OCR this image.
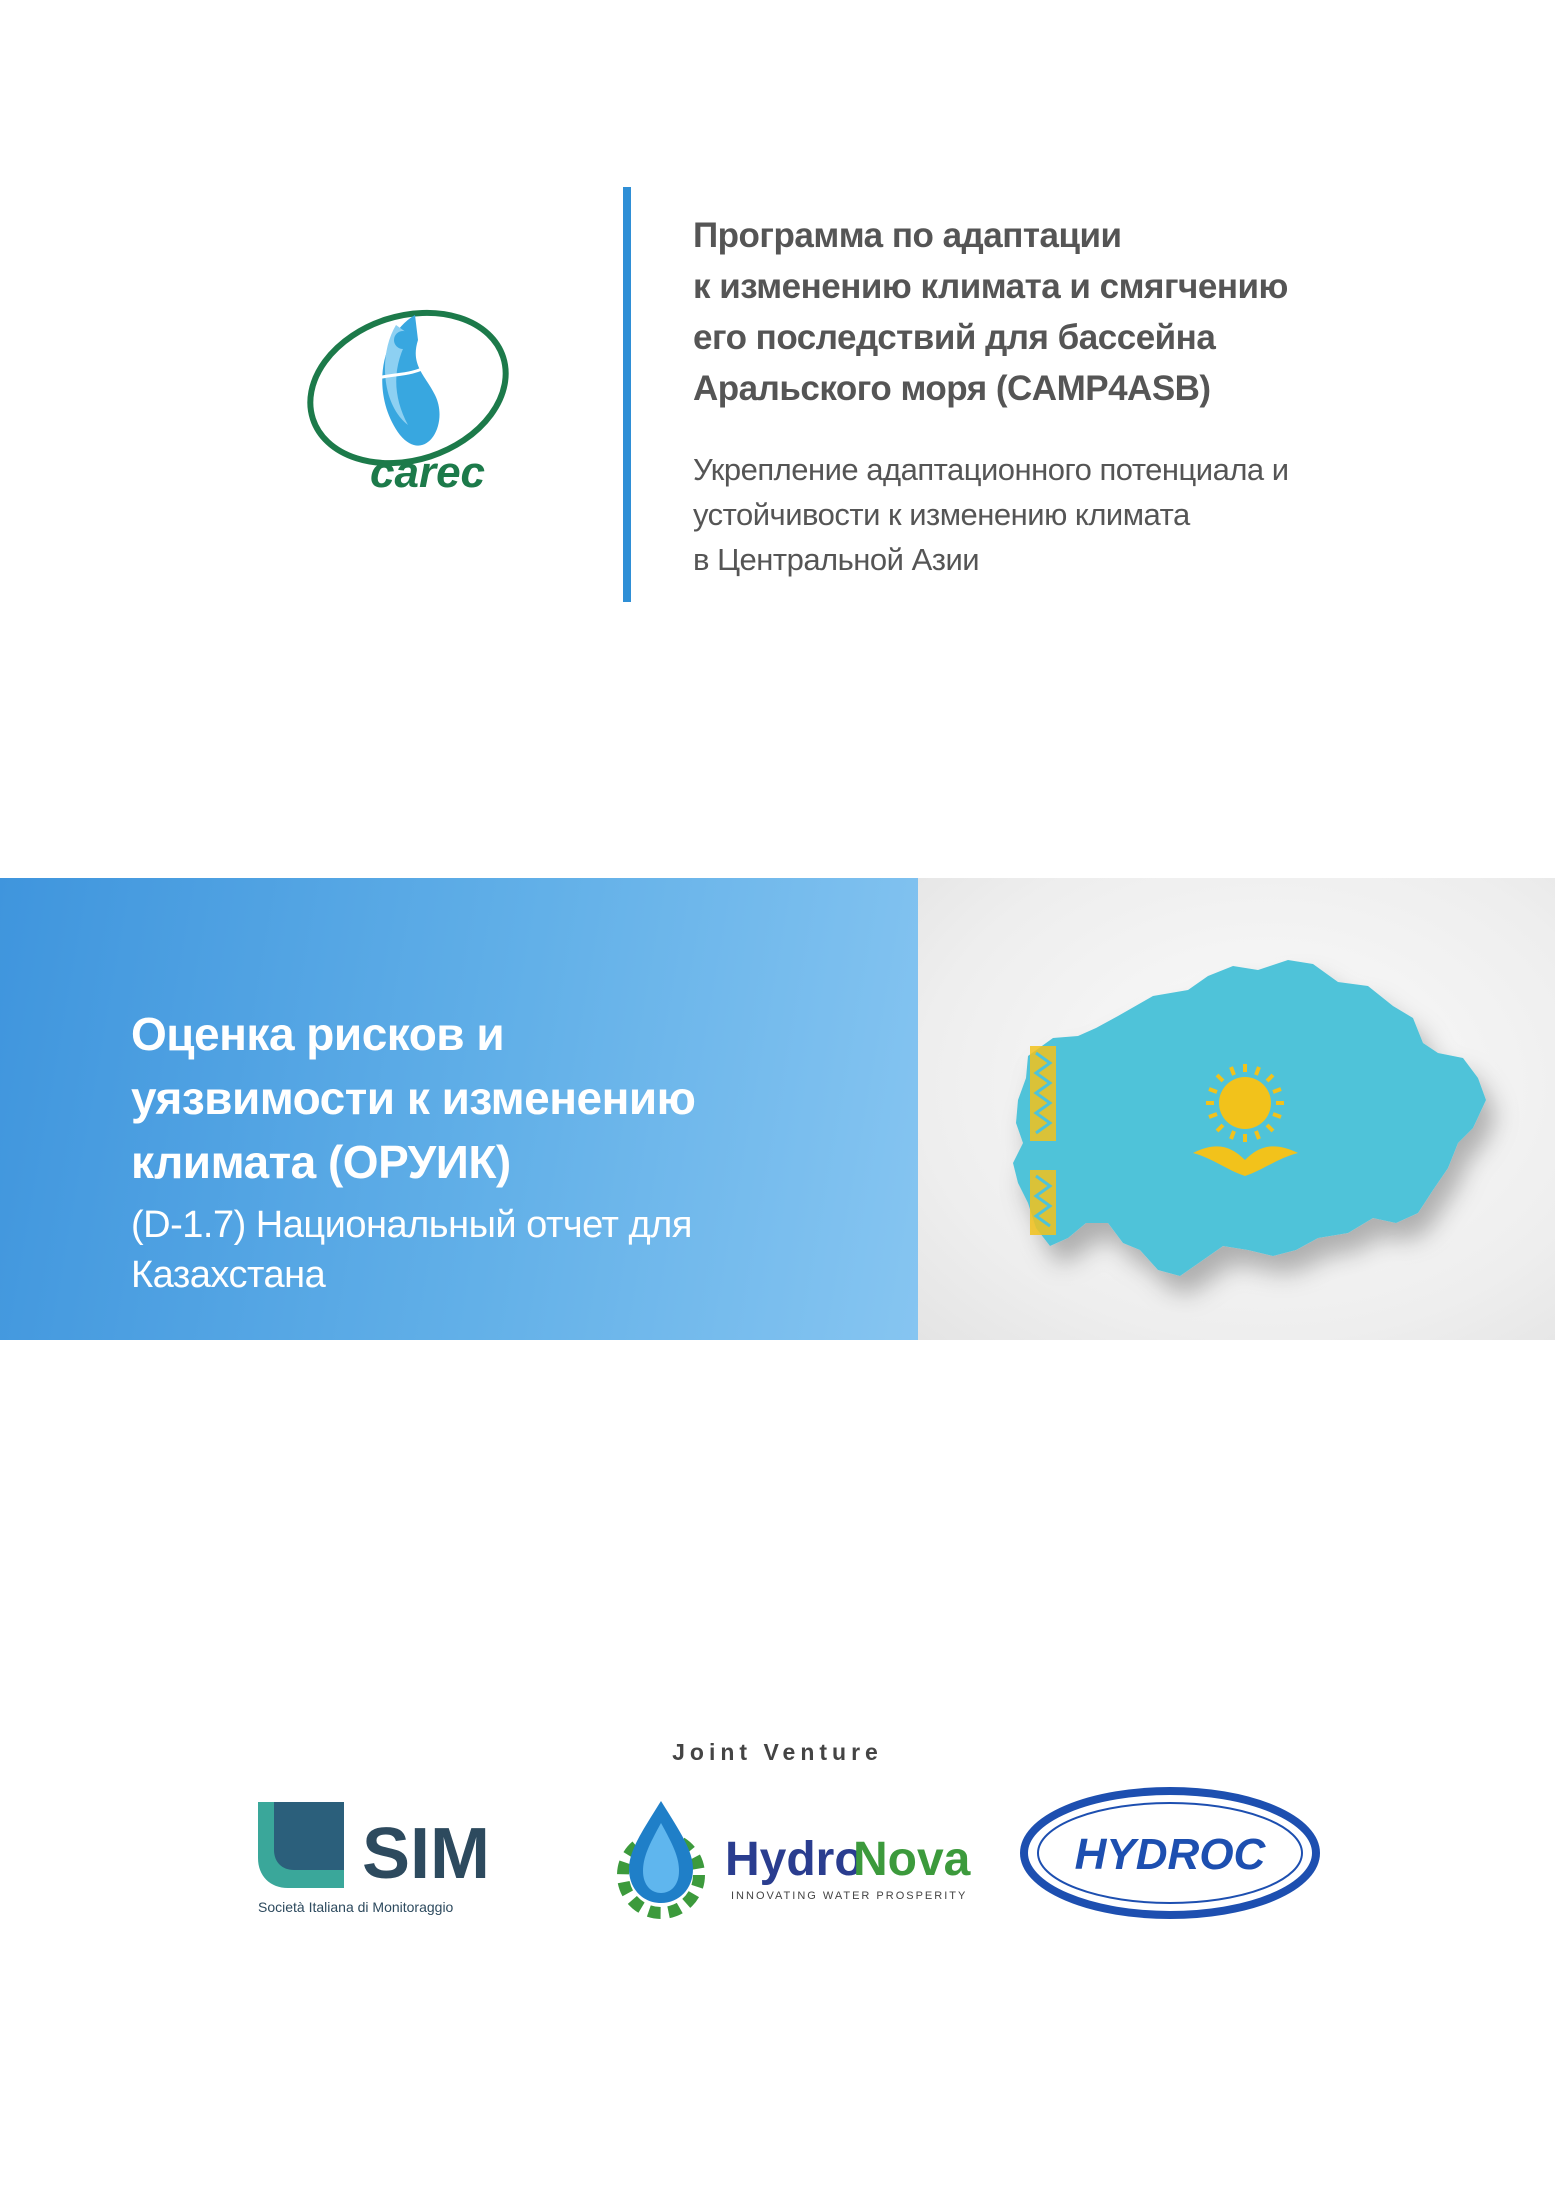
carec
Программа по адаптации
к изменению климата и смягчению
его последствий для бассейна
Аральского моря (CAMP4ASB)
Укрепление адаптационного потенциала и
устойчивости к изменению климата
в Центральной Азии
Оценка рисков и
уязвимости к изменению
климата (ОРУИК)
(D-1.7) Национальный отчет для
Казахстана
Joint Venture
SIM
Società Italiana di Monitoraggio
Hydro
Nova
INNOVATING WATER PROSPERITY
HYDROC
